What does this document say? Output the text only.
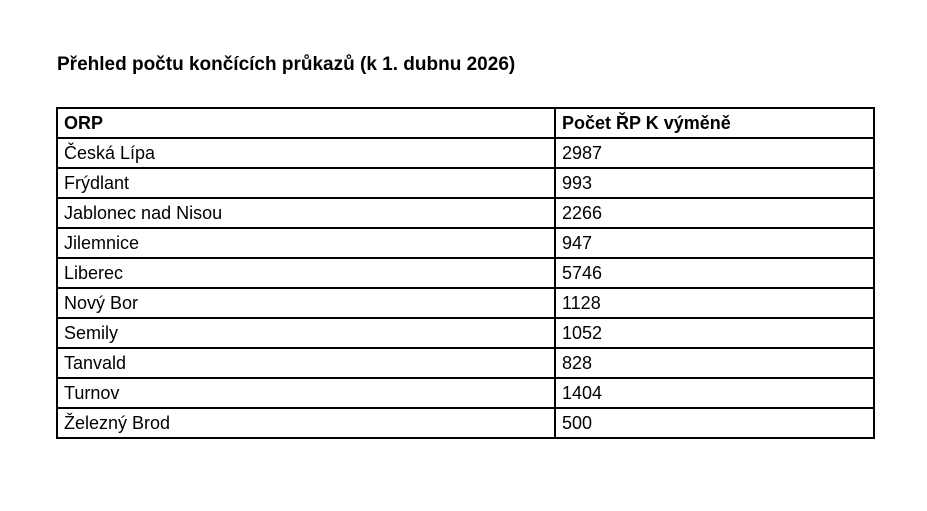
Přehled počtu končících průkazů (k 1. dubnu 2026)
ORP	Počet ŘP K výměně
Česká Lípa	2987
Frýdlant	993
Jablonec nad Nisou	2266
Jilemnice	947
Liberec	5746
Nový Bor	1128
Semily	1052
Tanvald	828
Turnov	1404
Železný Brod	500
